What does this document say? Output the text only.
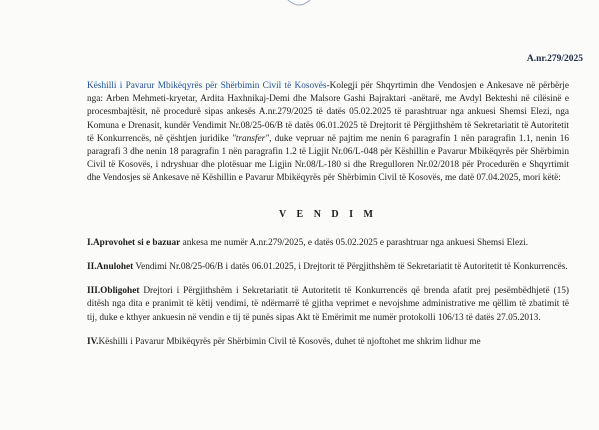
A.nr.279/2025

Këshilli i Pavarur Mbikëqyrës për Shërbimin Civil të Kosovës-Kolegji për Shqyrtimin dhe Vendosjen e Ankesave në përbërje nga: Arben Mehmeti-kryetar, Ardita Haxhnikaj-Demi dhe Malsore Gashi Bajraktari -anëtarë, me Avdyl Bekteshi në cilësinë e procesmbajtësit, në procedurë sipas ankesës A.nr.279/2025 të datës 05.02.2025 të parashtruar nga ankuesi Shemsi Elezi, nga Komuna e Drenasit, kundër Vendimit Nr.08/25-06/B të datës 06.01.2025 të Drejtorit të Përgjithshëm të Sekretariatit të Autoritetit të Konkurrencës, në çështjen juridike "transfer", duke vepruar në pajtim me nenin 6 paragrafin 1 nën paragrafin 1.1, nenin 16 paragrafi 3 dhe nenin 18 paragrafin 1 nën paragrafin 1.2 të Ligjit Nr.06/L-048 për Këshillin e Pavarur Mbikëqyrës për Shërbimin Civil të Kosovës, i ndryshuar dhe plotësuar me Ligjin Nr.08/L-180 si dhe Rregulloren Nr.02/2018 për Procedurën e Shqyrtimit dhe Vendosjes së Ankesave në Këshillin e Pavarur Mbikëqyrës për Shërbimin Civil të Kosovës, me datë 07.04.2025, mori këtë:

V E N D I M

I.Aprovohet si e bazuar ankesa me numër A.nr.279/2025, e datës 05.02.2025 e parashtruar nga ankuesi Shemsi Elezi.

II.Anulohet Vendimi Nr.08/25-06/B i datës 06.01.2025, i Drejtorit të Përgjithshëm të Sekretariatit të Autoritetit të Konkurrencës.

III.Obligohet Drejtori i Përgjithshëm i Sekretariatit të Autoritetit të Konkurrencës që brenda afatit prej pesëmbëdhjetë (15) ditësh nga dita e pranimit të këtij vendimi, të ndërmarrë të gjitha veprimet e nevojshme administrative me qëllim të zbatimit të tij, duke e kthyer ankuesin në vendin e tij të punës sipas Akt të Emërimit me numër protokolli 106/13 të datës 27.05.2013.

IV.Këshilli i Pavarur Mbikëqyrës për Shërbimin Civil të Kosovës, duhet të njoftohet me shkrim lidhur me
